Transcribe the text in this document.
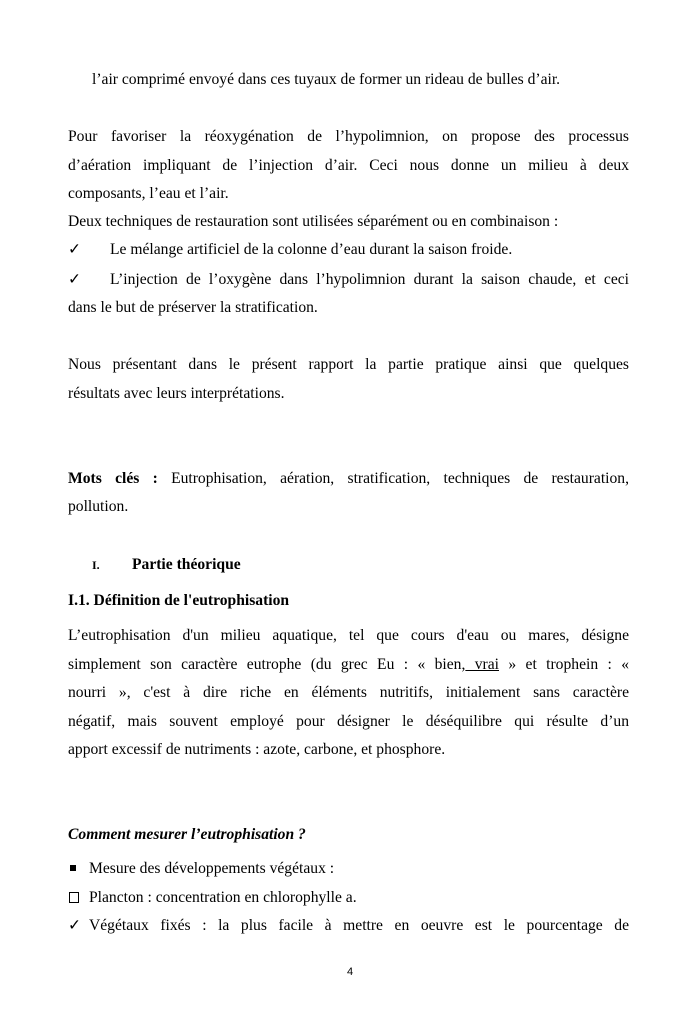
l’air comprimé envoyé dans ces tuyaux de former un rideau de bulles d’air.
Pour favoriser la réoxygénation de l’hypolimnion, on propose des processus
d’aération impliquant de l’injection d’air. Ceci nous donne un milieu à deux
composants, l’eau et l’air.
Deux techniques de restauration sont utilisées séparément ou en combinaison :
✓	Le mélange artificiel de la colonne d’eau durant la saison froide.
✓	L’injection de l’oxygène dans l’hypolimnion durant la saison chaude, et ceci
dans le but de préserver la stratification.
Nous présentant dans le présent rapport la partie pratique ainsi que quelques
résultats avec leurs interprétations.
Mots clés : Eutrophisation, aération, stratification, techniques de restauration,
pollution.
I. Partie théorique
I.1. Définition de l'eutrophisation
L’eutrophisation d'un milieu aquatique, tel que cours d'eau ou mares, désigne
simplement son caractère eutrophe (du grec Eu : « bien, vrai » et trophein : «
nourri », c'est à dire riche en éléments nutritifs, initialement sans caractère
négatif, mais souvent employé pour désigner le déséquilibre qui résulte d’un
apport excessif de nutriments : azote, carbone, et phosphore.
Comment mesurer l’eutrophisation ?
Mesure des développements végétaux :
Plancton : concentration en chlorophylle a.
✓ Végétaux fixés : la plus facile à mettre en oeuvre est le pourcentage de
4
